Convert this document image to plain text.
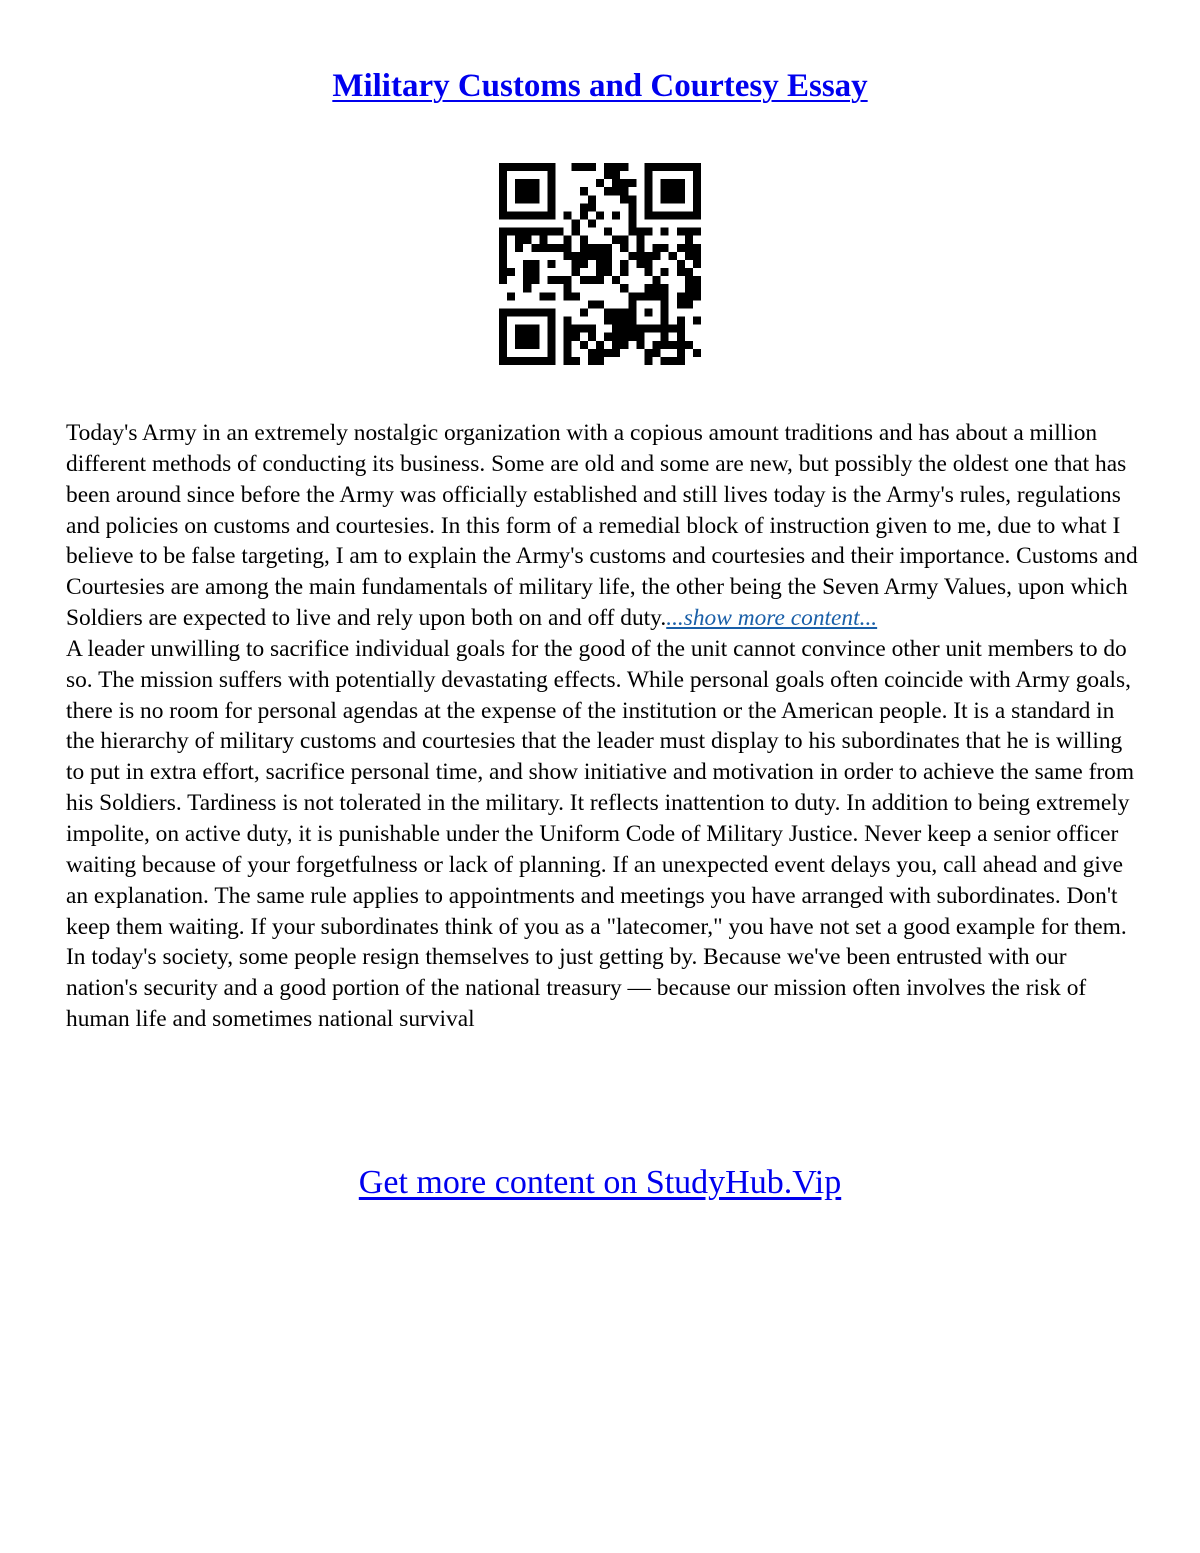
Military Customs and Courtesy Essay

Today's Army in an extremely nostalgic organization with a copious amount traditions and has about a million different methods of conducting its business. Some are old and some are new, but possibly the oldest one that has been around since before the Army was officially established and still lives today is the Army's rules, regulations and policies on customs and courtesies. In this form of a remedial block of instruction given to me, due to what I believe to be false targeting, I am to explain the Army's customs and courtesies and their importance. Customs and Courtesies are among the main fundamentals of military life, the other being the Seven Army Values, upon which Soldiers are expected to live and rely upon both on and off duty....show more content...

A leader unwilling to sacrifice individual goals for the good of the unit cannot convince other unit members to do so. The mission suffers with potentially devastating effects. While personal goals often coincide with Army goals, there is no room for personal agendas at the expense of the institution or the American people. It is a standard in the hierarchy of military customs and courtesies that the leader must display to his subordinates that he is willing to put in extra effort, sacrifice personal time, and show initiative and motivation in order to achieve the same from his Soldiers. Tardiness is not tolerated in the military. It reflects inattention to duty. In addition to being extremely impolite, on active duty, it is punishable under the Uniform Code of Military Justice. Never keep a senior officer waiting because of your forgetfulness or lack of planning. If an unexpected event delays you, call ahead and give an explanation. The same rule applies to appointments and meetings you have arranged with subordinates. Don't keep them waiting. If your subordinates think of you as a "latecomer," you have not set a good example for them. In today's society, some people resign themselves to just getting by. Because we've been entrusted with our nation's security and a good portion of the national treasury — because our mission often involves the risk of human life and sometimes national survival

Get more content on StudyHub.Vip
